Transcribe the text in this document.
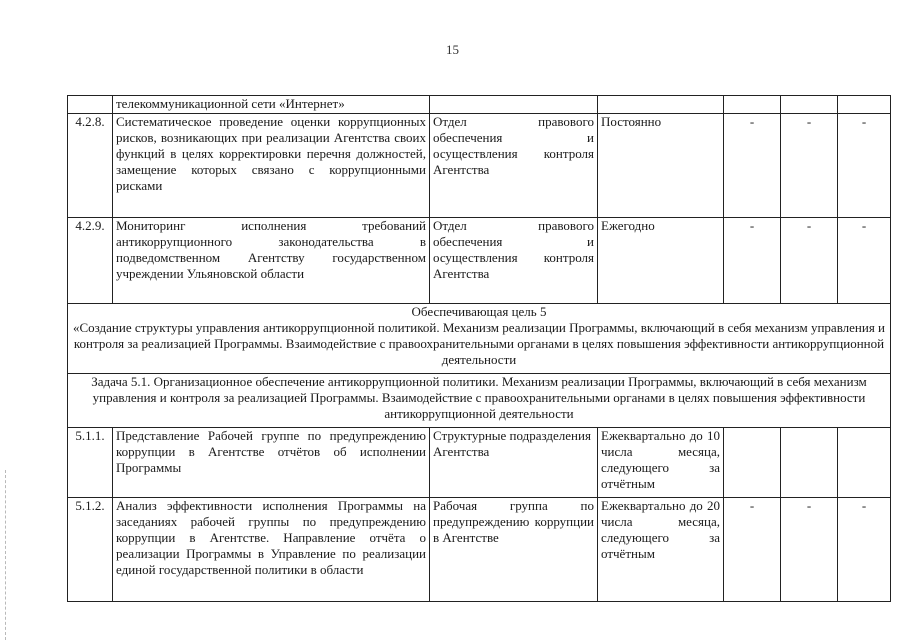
15
	телекоммуникационной сети «Интернет»					
4.2.8.	Систематическое проведение оценки коррупционных рисков, возникающих при реализации Агентства своих функций в целях корректировки перечня должностей, замещение которых связано с коррупционными рисками	Отдел правового обеспечения и осуществления контроля Агентства	Постоянно	-	-	-
4.2.9.	Мониторинг исполнения требований антикоррупционного законодательства в подведомственном Агентству государственном учреждении Ульяновской области	Отдел правового обеспечения и осуществления контроля Агентства	Ежегодно	-	-	-

Обеспечивающая цель 5
«Создание структуры управления антикоррупционной политикой. Механизм реализации Программы, включающий в себя механизм управления и контроля за реализацией Программы. Взаимодействие с правоохранительными органами в целях повышения эффективности антикоррупционной деятельности						

Задача 5.1. Организационное обеспечение антикоррупционной политики. Механизм реализации Программы, включающий в себя механизм управления и контроля за реализацией Программы. Взаимодействие с правоохранительными органами в целях повышения эффективности антикоррупционной деятельности						
5.1.1.	Представление Рабочей группе по предупреждению коррупции в Агентстве отчётов об исполнении Программы	Структурные подразделения Агентства	Ежеквартально до 10 числа месяца, следующего за отчётным			
5.1.2.	Анализ эффективности исполнения Программы на заседаниях рабочей группы по предупреждению коррупции в Агентстве. Направление отчёта о реализации Программы в Управление по реализации единой государственной политики в области	Рабочая группа по предупреждению коррупции в Агентстве	Ежеквартально до 20 числа месяца, следующего за отчётным	-	-	-
